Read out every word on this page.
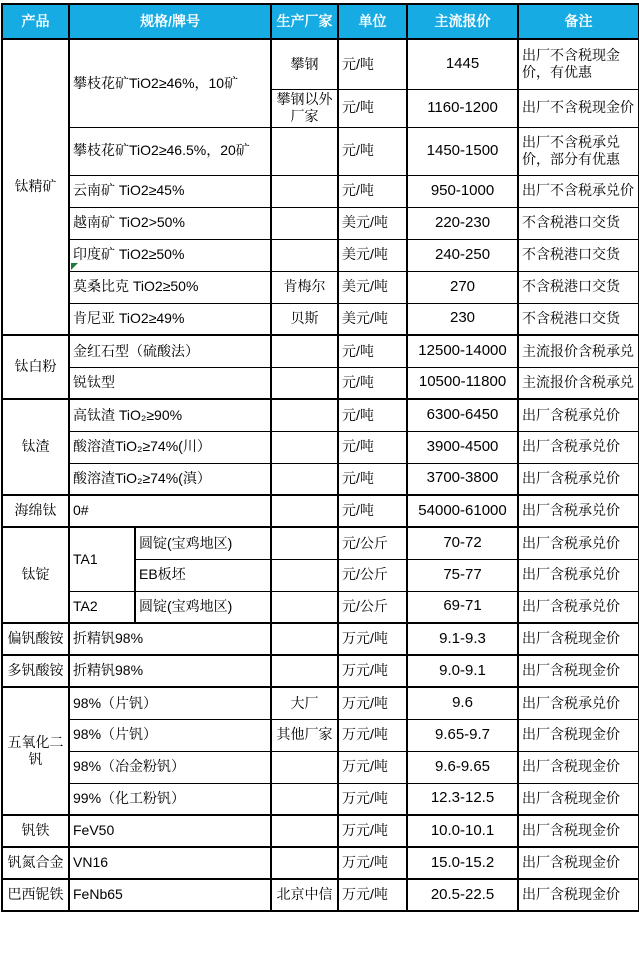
产品	规格/牌号		生产厂家	单位	主流报价	备注
钛精矿	攀枝花矿TiO2≥46%，10矿		攀钢	元/吨	1445	出厂不含税现金价，有优惠
			攀钢以外厂家	元/吨	1160-1200	出厂不含税现金价
	攀枝花矿TiO2≥46.5%，20矿			元/吨	1450-1500	出厂不含税承兑价，部分有优惠
	云南矿 TiO2≥45%			元/吨	950-1000	出厂不含税承兑价
	越南矿 TiO2>50%			美元/吨	220-230	不含税港口交货
	印度矿 TiO2≥50%			美元/吨	240-250	不含税港口交货
	莫桑比克 TiO2≥50%		肯梅尔	美元/吨	270	不含税港口交货
	肯尼亚 TiO2≥49%		贝斯	美元/吨	230	不含税港口交货
钛白粉	金红石型（硫酸法）			元/吨	12500-14000	主流报价含税承兑
	锐钛型			元/吨	10500-11800	主流报价含税承兑
钛渣	高钛渣 TiO₂≥90%			元/吨	6300-6450	出厂含税承兑价
	酸溶渣TiO₂≥74%(川）			元/吨	3900-4500	出厂含税承兑价
	酸溶渣TiO₂≥74%(滇）			元/吨	3700-3800	出厂含税承兑价
海绵钛	0#			元/吨	54000-61000	出厂含税承兑价
钛锭	TA1	圆锭(宝鸡地区)		元/公斤	70-72	出厂含税承兑价
		EB板坯		元/公斤	75-77	出厂含税承兑价
	TA2	圆锭(宝鸡地区)		元/公斤	69-71	出厂含税承兑价
偏钒酸铵	折精钒98%			万元/吨	9.1-9.3	出厂含税现金价
多钒酸铵	折精钒98%			万元/吨	9.0-9.1	出厂含税现金价
五氧化二钒	98%（片钒）		大厂	万元/吨	9.6	出厂含税承兑价
	98%（片钒）		其他厂家	万元/吨	9.65-9.7	出厂含税现金价
	98%（冶金粉钒）			万元/吨	9.6-9.65	出厂含税现金价
	99%（化工粉钒）			万元/吨	12.3-12.5	出厂含税现金价
钒铁	FeV50			万元/吨	10.0-10.1	出厂含税现金价
钒氮合金	VN16			万元/吨	15.0-15.2	出厂含税现金价
巴西铌铁	FeNb65		北京中信	万元/吨	20.5-22.5	出厂含税现金价
